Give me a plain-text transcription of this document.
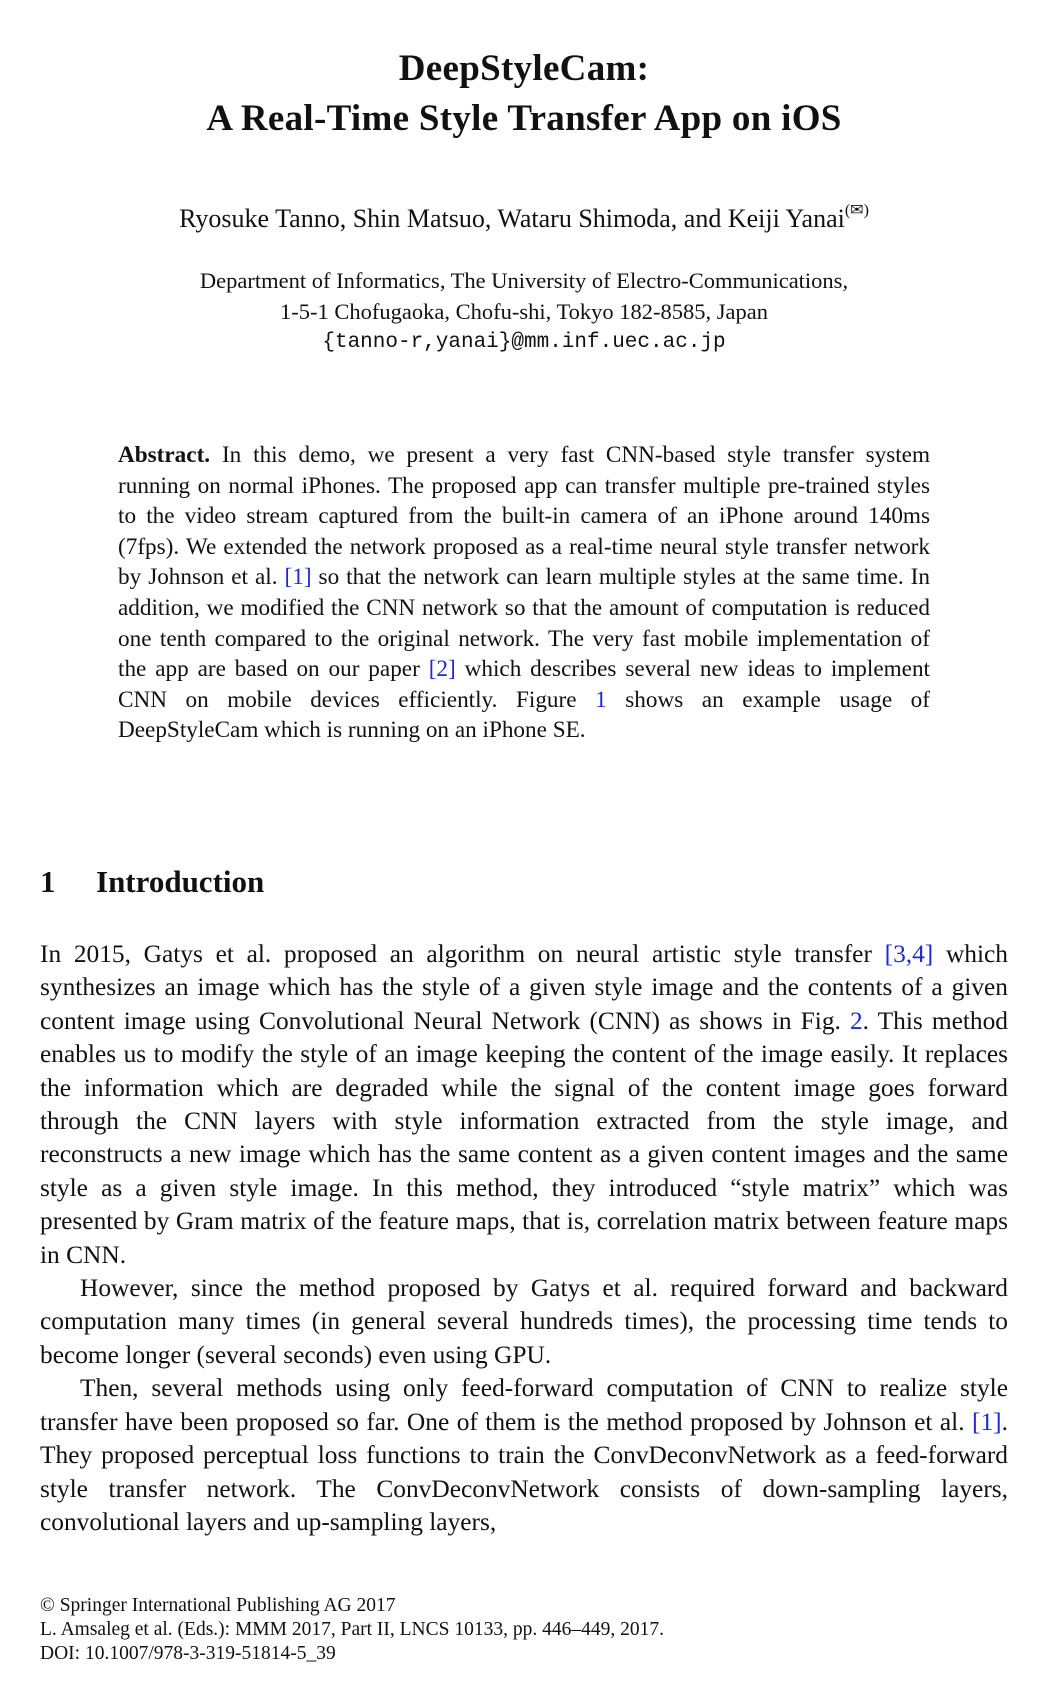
DeepStyleCam:
A Real-Time Style Transfer App on iOS
Ryosuke Tanno, Shin Matsuo, Wataru Shimoda, and Keiji Yanai(✉)
Department of Informatics, The University of Electro-Communications,
1-5-1 Chofugaoka, Chofu-shi, Tokyo 182-8585, Japan
{tanno-r,yanai}@mm.inf.uec.ac.jp
Abstract. In this demo, we present a very fast CNN-based style transfer system running on normal iPhones. The proposed app can transfer multiple pre-trained styles to the video stream captured from the built-in camera of an iPhone around 140ms (7fps). We extended the network proposed as a real-time neural style transfer network by Johnson et al. [1] so that the network can learn multiple styles at the same time. In addition, we modified the CNN network so that the amount of computation is reduced one tenth compared to the original network. The very fast mobile implementation of the app are based on our paper [2] which describes several new ideas to implement CNN on mobile devices efficiently. Figure 1 shows an example usage of DeepStyleCam which is running on an iPhone SE.
1 Introduction

In 2015, Gatys et al. proposed an algorithm on neural artistic style transfer [3,4] which synthesizes an image which has the style of a given style image and the contents of a given content image using Convolutional Neural Network (CNN) as shows in Fig. 2. This method enables us to modify the style of an image keeping the content of the image easily. It replaces the information which are degraded while the signal of the content image goes forward through the CNN layers with style information extracted from the style image, and reconstructs a new image which has the same content as a given content images and the same style as a given style image. In this method, they introduced “style matrix” which was presented by Gram matrix of the feature maps, that is, correlation matrix between feature maps in CNN.

However, since the method proposed by Gatys et al. required forward and backward computation many times (in general several hundreds times), the processing time tends to become longer (several seconds) even using GPU.

Then, several methods using only feed-forward computation of CNN to realize style transfer have been proposed so far. One of them is the method proposed by Johnson et al. [1]. They proposed perceptual loss functions to train the ConvDeconvNetwork as a feed-forward style transfer network. The ConvDeconvNetwork consists of down-sampling layers, convolutional layers and up-sampling layers,

© Springer International Publishing AG 2017
L. Amsaleg et al. (Eds.): MMM 2017, Part II, LNCS 10133, pp. 446–449, 2017.
DOI: 10.1007/978-3-319-51814-5_39
